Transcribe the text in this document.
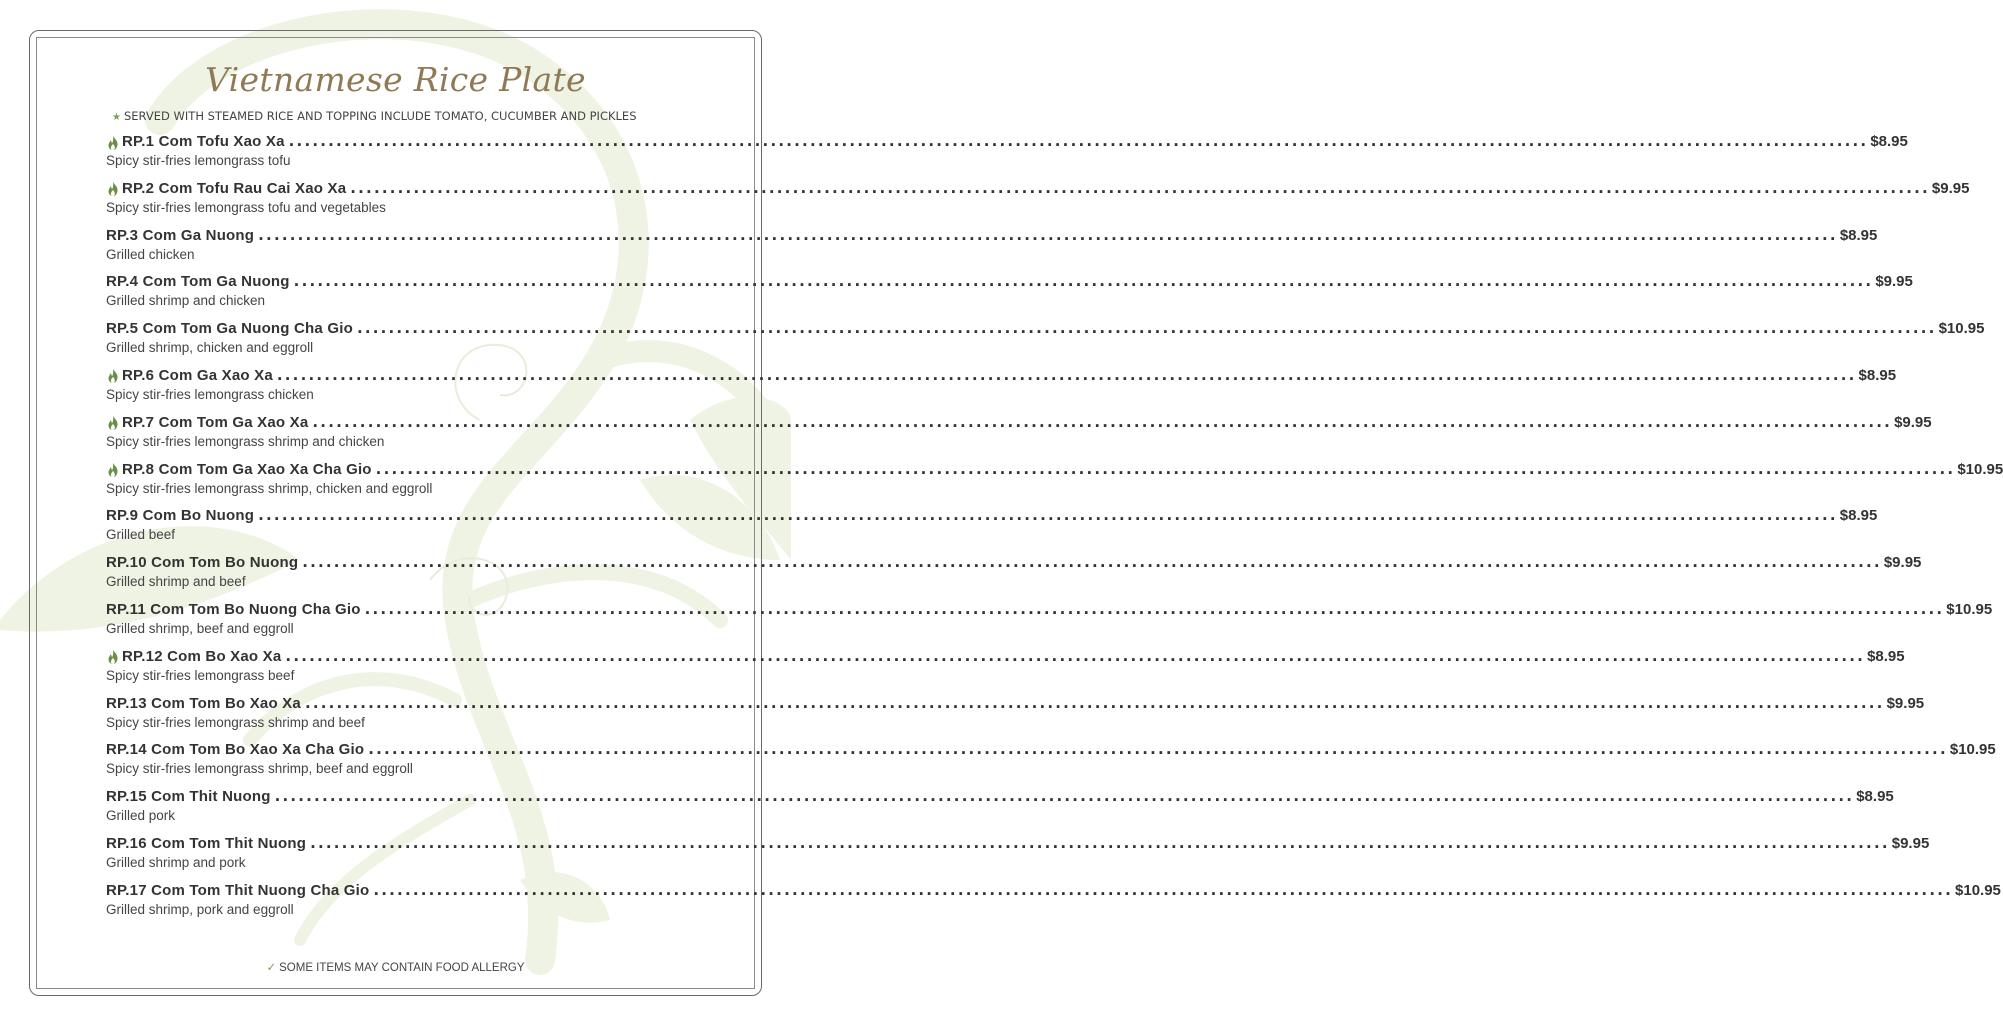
Vietnamese Rice Plate
★ SERVED WITH STEAMED RICE AND TOPPING INCLUDE TOMATO, CUCUMBER AND PICKLES
RP.1 Com Tofu Xao Xa ........................................................................................................................................................................................................ $8.95
Spicy stir-fries lemongrass tofu
RP.2 Com Tofu Rau Cai Xao Xa ........................................................................................................................................................................................................ $9.95
Spicy stir-fries lemongrass tofu and vegetables
RP.3 Com Ga Nuong ........................................................................................................................................................................................................ $8.95
Grilled chicken
RP.4 Com Tom Ga Nuong ........................................................................................................................................................................................................ $9.95
Grilled shrimp and chicken
RP.5 Com Tom Ga Nuong Cha Gio ........................................................................................................................................................................................................ $10.95
Grilled shrimp, chicken and eggroll
RP.6 Com Ga Xao Xa ........................................................................................................................................................................................................ $8.95
Spicy stir-fries lemongrass chicken
RP.7 Com Tom Ga Xao Xa ........................................................................................................................................................................................................ $9.95
Spicy stir-fries lemongrass shrimp and chicken
RP.8 Com Tom Ga Xao Xa Cha Gio ........................................................................................................................................................................................................ $10.95
Spicy stir-fries lemongrass shrimp, chicken and eggroll
RP.9 Com Bo Nuong ........................................................................................................................................................................................................ $8.95
Grilled beef
RP.10 Com Tom Bo Nuong ........................................................................................................................................................................................................ $9.95
Grilled shrimp and beef
RP.11 Com Tom Bo Nuong Cha Gio ........................................................................................................................................................................................................ $10.95
Grilled shrimp, beef and eggroll
RP.12 Com Bo Xao Xa ........................................................................................................................................................................................................ $8.95
Spicy stir-fries lemongrass beef
RP.13 Com Tom Bo Xao Xa ........................................................................................................................................................................................................ $9.95
Spicy stir-fries lemongrass shrimp and beef
RP.14 Com Tom Bo Xao Xa Cha Gio ........................................................................................................................................................................................................ $10.95
Spicy stir-fries lemongrass shrimp, beef and eggroll
RP.15 Com Thit Nuong ........................................................................................................................................................................................................ $8.95
Grilled pork
RP.16 Com Tom Thit Nuong ........................................................................................................................................................................................................ $9.95
Grilled shrimp and pork
RP.17 Com Tom Thit Nuong Cha Gio ........................................................................................................................................................................................................ $10.95
Grilled shrimp, pork and eggroll
✓ SOME ITEMS MAY CONTAIN FOOD ALLERGY
